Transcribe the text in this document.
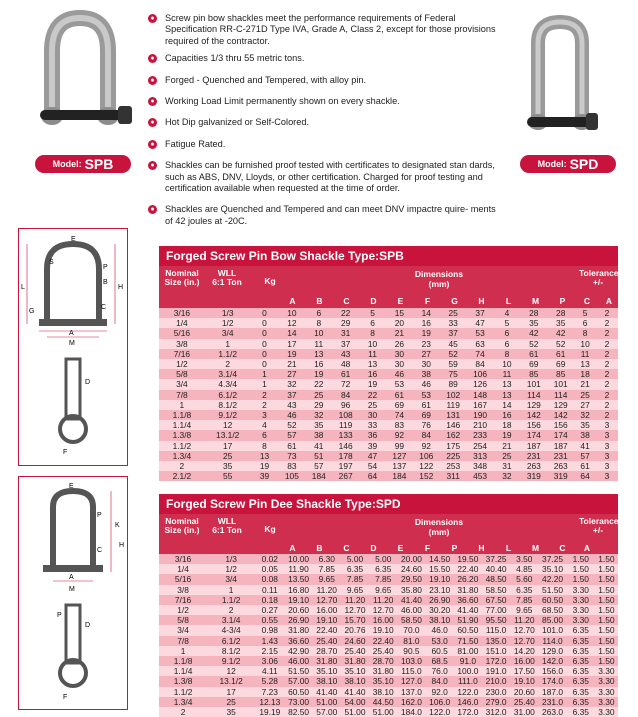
Model: SPB	Model: SPD
● Screw pin bow shackles meet the performance requirements of Federal Specification RR-C-271D Type IVA, Grade A, Class 2, except for those provisions required of the contractor.
● Capacities 1/3 thru 55 metric tons.
● Forged - Quenched and Tempered, with alloy pin.
● Working Load Limit permanently shown on every shackle.
● Hot Dip galvanized or Self-Colored.
● Fatigue Rated.
● Shackles can be furnished proof tested with certificates to designated stan dards, such as ABS, DNV, Lloyds, or other certification. Charged for proof testing and certification available when requested at the time of order.
● Shackles are Quenched and Tempered and can meet DNV impactre quire- ments of 42 joules at -20C.
E
P
S
B
H
L
C
A
M
G
D
F
E
P
K
H
C
A
M
D
P
F
Forged Screw Pin Bow Shackle Type:SPB
Nominal Size (in.)
WLL 6:1 Ton	Kg
Dimensions
(mm)
Tolerance +/-
A	B	C	D	E	F	G	H	L	M	P	C	A
3/16	1/3	0	10	6	22	5	15	14	25	37	4	28	28	5	2
1/4	1/2	0	12	8	29	6	20	16	33	47	5	35	35	6	2
5/16	3/4	0	14	10	31	8	21	19	37	53	6	42	42	8	2
3/8	1	0	17	11	37	10	26	23	45	63	6	52	52	10	2
7/16	1.1/2	0	19	13	43	11	30	27	52	74	8	61	61	11	2
1/2	2	0	21	16	48	13	30	30	59	84	10	69	69	13	2
5/8	3.1/4	1	27	19	61	16	46	38	75	106	11	85	85	18	2
3/4	4.3/4	1	32	22	72	19	53	46	89	126	13	101	101	21	2
7/8	6.1/2	2	37	25	84	22	61	53	102	148	13	114	114	25	2
1	8.1/2	2	43	29	96	25	69	61	119	167	14	129	129	27	2
1.1/8	9.1/2	3	46	32	108	30	74	69	131	190	16	142	142	32	2
1.1/4	12	4	52	35	119	33	83	76	146	210	18	156	156	35	3
1.3/8	13.1/2	6	57	38	133	36	92	84	162	233	19	174	174	38	3
1.1/2	17	8	61	41	146	39	99	92	175	254	21	187	187	41	3
1.3/4	25	13	73	51	178	47	127	106	225	313	25	231	231	57	3
2	35	19	83	57	197	54	137	122	253	348	31	263	263	61	3
2.1/2	55	39	105	184	267	64	184	152	311	453	32	319	319	64	3
Forged Screw Pin Dee Shackle Type:SPD
Nominal Size (in.)
WLL 6:1 Ton	Kg
Dimensions
(mm)
Tolerance +/-
A	B	C	D	E	F	P	H	L	M	C	A
3/16	1/3	0.02	10.00	6.30	5.00	5.00	20.00	14.50	19.50	37.25	3.50	37.25	1.50	1.50
1/4	1/2	0.05	11.90	7.85	6.35	6.35	24.60	15.50	22.40	40.40	4.85	35.10	1.50	1.50
5/16	3/4	0.08	13.50	9.65	7.85	7.85	29.50	19.10	26.20	48.50	5.60	42.20	1.50	1.50
3/8	1	0.11	16.80	11.20	9.65	9.65	35.80	23.10	31.80	58.50	6.35	51.50	3.30	1.50
7/16	1.1/2	0.18	19.10	12.70	11.20	11.20	41.40	26.90	36.60	67.50	7.85	60.50	3.30	1.50
1/2	2	0.27	20.60	16.00	12.70	12.70	46.00	30.20	41.40	77.00	9.65	68.50	3.30	1.50
5/8	3.1/4	0.55	26.90	19.10	15.70	16.00	58.50	38.10	51.90	95.50	11.20	85.00	3.30	1.50
3/4	4-3/4	0.98	31.80	22.40	20.76	19.10	70.0	46.0	60.50	115.0	12.70	101.0	6.35	1.50
7/8	6.1/2	1.43	36.60	25.40	24.60	22.40	81.0	53.0	71.50	135.0	12.70	114.0	6.35	1.50
1	8.1/2	2.15	42.90	28.70	25.40	25.40	90.5	60.5	81.00	151.0	14.20	129.0	6.35	1.50
1.1/8	9.1/2	3.06	46.00	31.80	31.80	28.70	103.0	68.5	91.0	172.0	16.00	142.0	6.35	1.50
1.1/4	12	4.11	51.50	35.10	35.10	31.80	115.0	76.0	100.0	191.0	17.50	156.0	6.35	3.30
1.3/8	13.1/2	5.28	57.00	38.10	38.10	35.10	127.0	84.0	111.0	210.0	19.10	174.0	6.35	3.30
1.1/2	17	7.23	60.50	41.40	41.40	38.10	137.0	92.0	122.0	230.0	20.60	187.0	6.35	3.30
1.3/4	25	12.13	73.00	51.00	54.00	44.50	162.0	106.0	146.0	279.0	25.40	231.0	6.35	3.30
2	35	19.19	82.50	57.00	51.00	51.00	184.0	122.0	172.0	312.0	31.00	263.0	6.35	3.30
